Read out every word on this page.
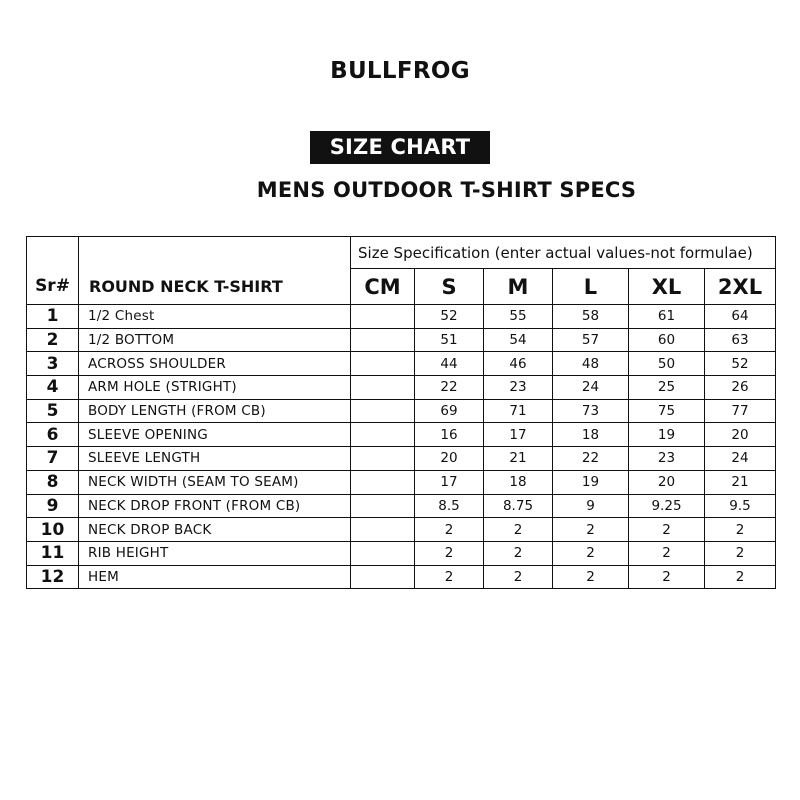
BULLFROG
SIZE CHART
MENS OUTDOOR T-SHIRT SPECS
Sr#	ROUND NECK T-SHIRT	Size Specification (enter actual values-not formulae)					
		CM	S	M	L	XL	2XL
1	1/2 Chest		52	55	58	61	64
2	1/2 BOTTOM		51	54	57	60	63
3	ACROSS SHOULDER		44	46	48	50	52
4	ARM HOLE (STRIGHT)		22	23	24	25	26
5	BODY LENGTH (FROM CB)		69	71	73	75	77
6	SLEEVE OPENING		16	17	18	19	20
7	SLEEVE LENGTH		20	21	22	23	24
8	NECK WIDTH (SEAM TO SEAM)		17	18	19	20	21
9	NECK DROP FRONT (FROM CB)		8.5	8.75	9	9.25	9.5
10	NECK DROP BACK		2	2	2	2	2
11	RIB HEIGHT		2	2	2	2	2
12	HEM		2	2	2	2	2
